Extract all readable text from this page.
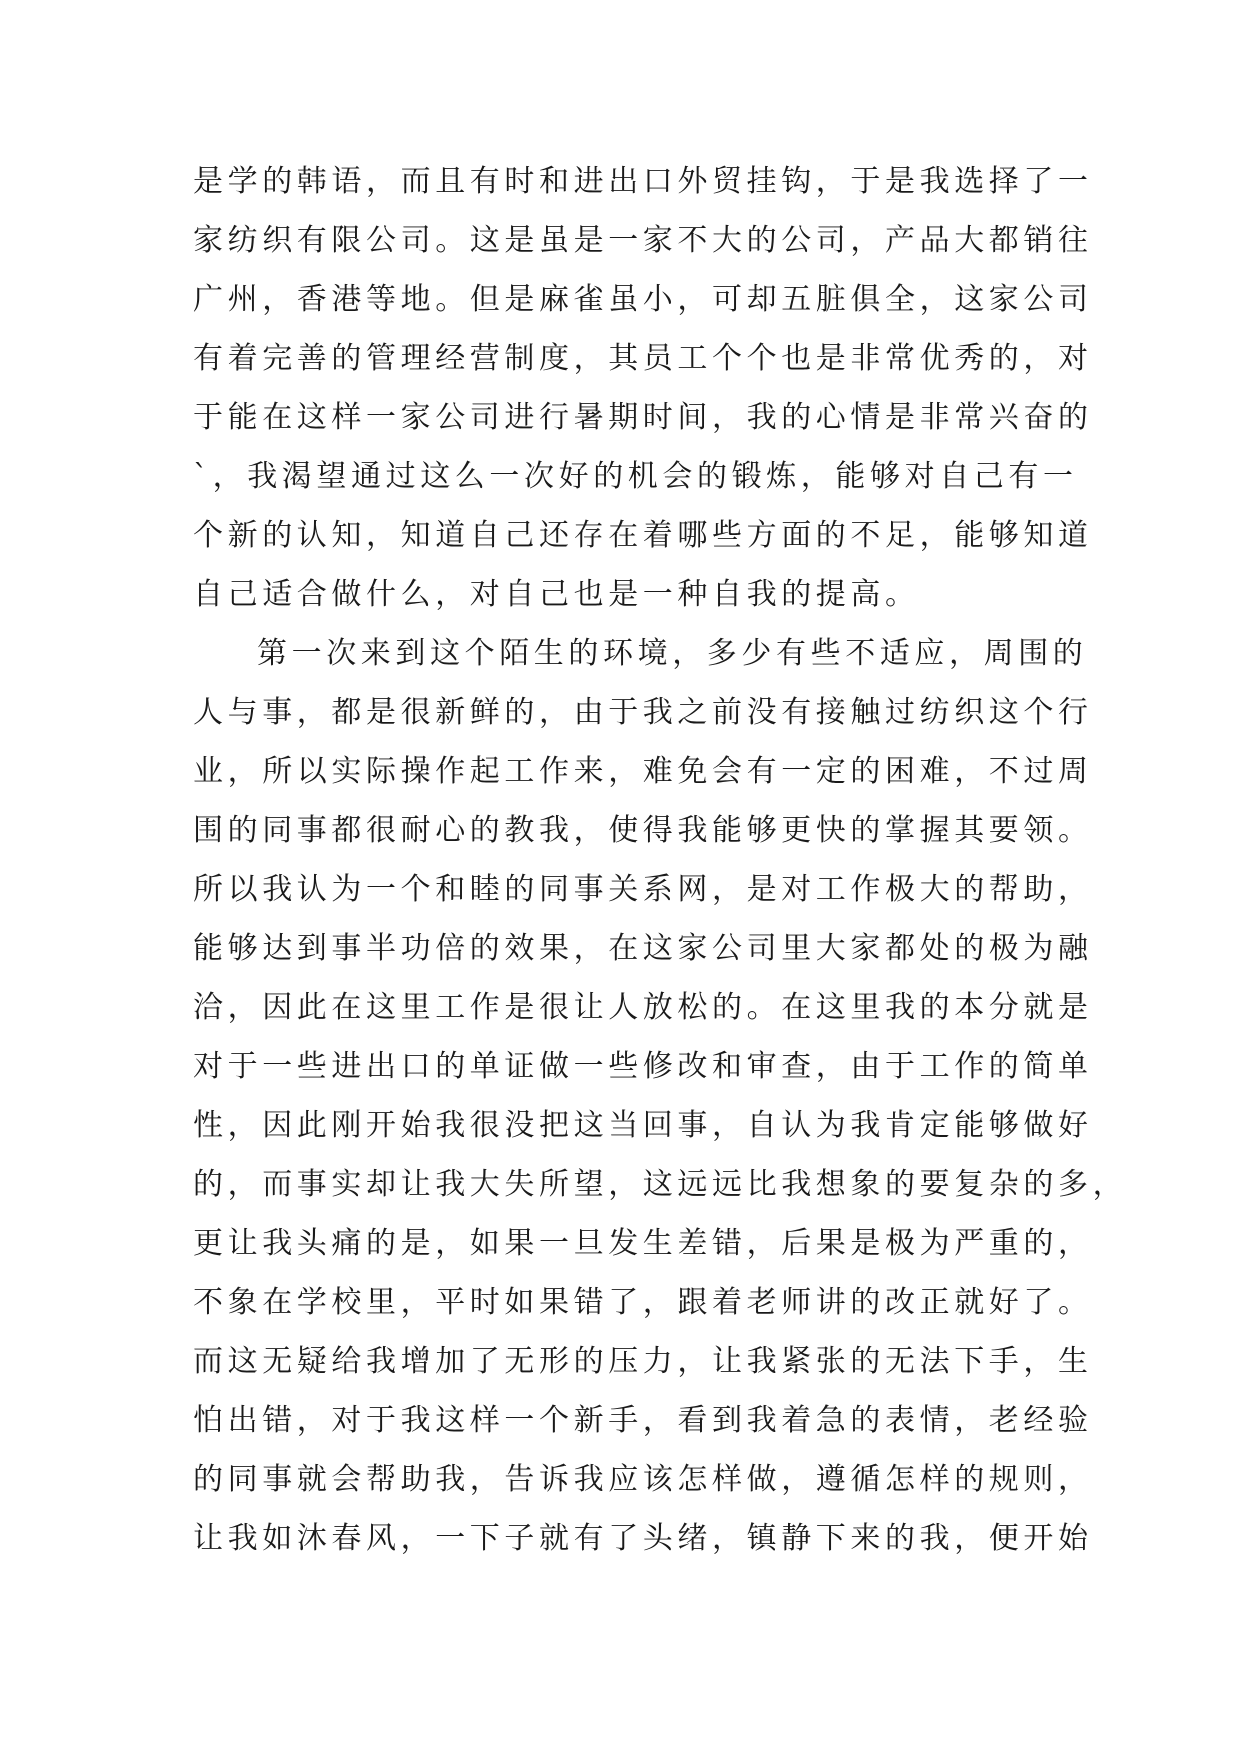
是学的韩语，而且有时和进出口外贸挂钩，于是我选择了一
家纺织有限公司。这是虽是一家不大的公司，产品大都销往
广州，香港等地。但是麻雀虽小，可却五脏俱全，这家公司
有着完善的管理经营制度，其员工个个也是非常优秀的，对
于能在这样一家公司进行暑期时间，我的心情是非常兴奋的
`，我渴望通过这么一次好的机会的锻炼，能够对自己有一
个新的认知，知道自己还存在着哪些方面的不足，能够知道
自己适合做什么，对自己也是一种自我的提高。
第一次来到这个陌生的环境，多少有些不适应，周围的
人与事，都是很新鲜的，由于我之前没有接触过纺织这个行
业，所以实际操作起工作来，难免会有一定的困难，不过周
围的同事都很耐心的教我，使得我能够更快的掌握其要领。
所以我认为一个和睦的同事关系网，是对工作极大的帮助，
能够达到事半功倍的效果，在这家公司里大家都处的极为融
洽，因此在这里工作是很让人放松的。在这里我的本分就是
对于一些进出口的单证做一些修改和审查，由于工作的简单
性，因此刚开始我很没把这当回事，自认为我肯定能够做好
的，而事实却让我大失所望，这远远比我想象的要复杂的多，
更让我头痛的是，如果一旦发生差错，后果是极为严重的，
不象在学校里，平时如果错了，跟着老师讲的改正就好了。
而这无疑给我增加了无形的压力，让我紧张的无法下手，生
怕出错，对于我这样一个新手，看到我着急的表情，老经验
的同事就会帮助我，告诉我应该怎样做，遵循怎样的规则，
让我如沐春风，一下子就有了头绪，镇静下来的我，便开始
